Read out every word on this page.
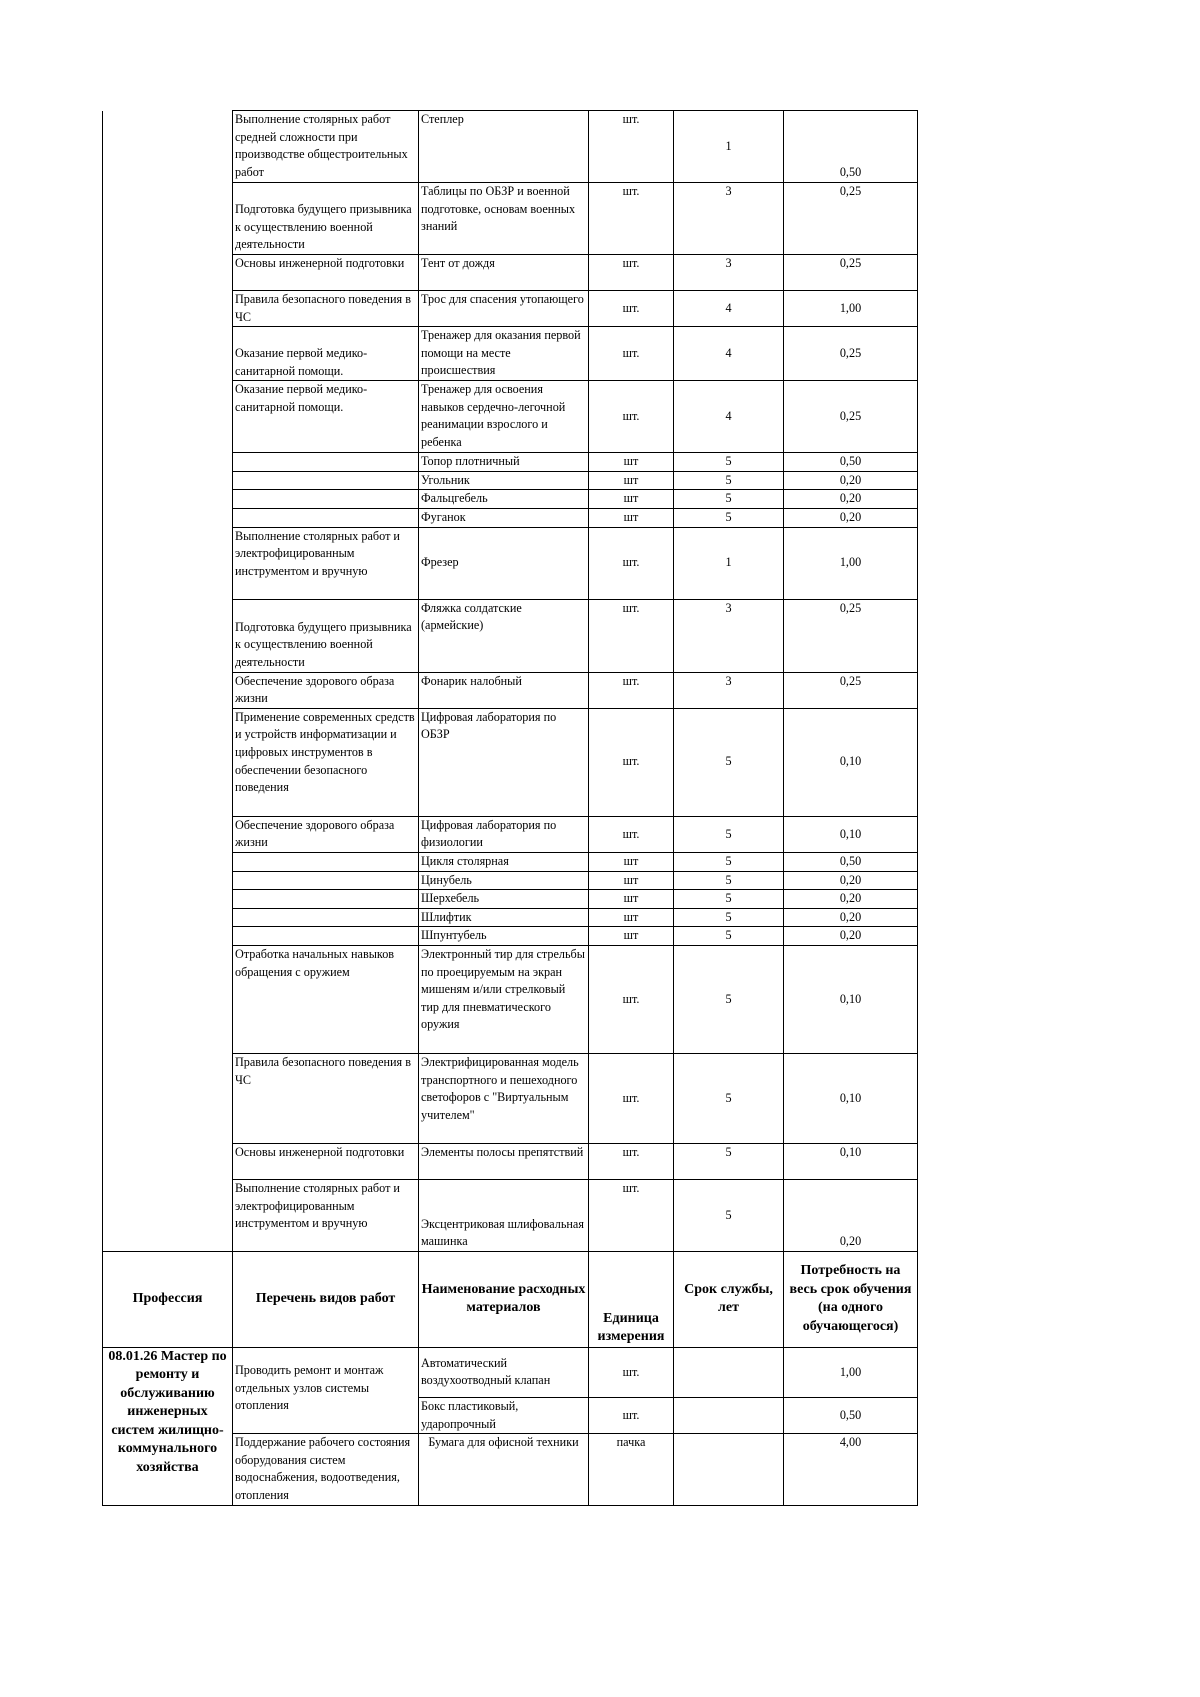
	Выполнение столярных работ средней сложности при производстве общестроительных работ	Степлер	шт.	1	0,50
	Подготовка будущего призывника к осуществлению военной деятельности	Таблицы по ОБЗР и военной подготовке, основам военных знаний	шт.	3	0,25
	Основы инженерной подготовки	Тент от дождя	шт.	3	0,25
	Правила безопасного поведения в ЧС	Трос для спасения утопающего	шт.	4	1,00
	Оказание первой медико-санитарной помощи.	Тренажер для оказания первой помощи на месте происшествия	шт.	4	0,25
	Оказание первой медико-санитарной помощи.	Тренажер для освоения навыков сердечно-легочной реанимации взрослого и ребенка	шт.	4	0,25
		Топор плотничный	шт	5	0,50
		Угольник	шт	5	0,20
		Фальцгебель	шт	5	0,20
		Фуганок	шт	5	0,20
	Выполнение столярных работ и электрофицированным инструментом и вручную	Фрезер	шт.	1	1,00
	Подготовка будущего призывника к осуществлению военной деятельности	Фляжка солдатские (армейские)	шт.	3	0,25
	Обеспечение здорового образа жизни	Фонарик налобный	шт.	3	0,25
	Применение современных средств и устройств информатизации и цифровых инструментов в обеспечении безопасного поведения	Цифровая лаборатория по ОБЗР	шт.	5	0,10
	Обеспечение здорового образа жизни	Цифровая лаборатория по физиологии	шт.	5	0,10
		Цикля столярная	шт	5	0,50
		Цинубель	шт	5	0,20
		Шерхебель	шт	5	0,20
		Шлифтик	шт	5	0,20
		Шпунтубель	шт	5	0,20
	Отработка начальных навыков обращения с оружием	Электронный тир для стрельбы по проецируемым на экран мишеням и/или стрелковый тир для пневматического оружия	шт.	5	0,10
	Правила безопасного поведения в ЧС	Электрифицированная модель транспортного и пешеходного светофоров с "Виртуальным учителем"	шт.	5	0,10
	Основы инженерной подготовки	Элементы полосы препятствий	шт.	5	0,10
	Выполнение столярных работ и электрофицированным инструментом и вручную	Эксцентриковая шлифовальная машинка	шт.	5	0,20
Профессия	Перечень видов работ	Наименование расходных материалов	Единица измерения	Срок службы, лет	Потребность на весь срок обучения (на одного обучающегося)
08.01.26 Мастер по ремонту и обслуживанию инженерных систем жилищно-коммунального хозяйства	Проводить ремонт и монтаж отдельных узлов системы отопления	Автоматический воздухоотводный клапан	шт.		1,00
		Бокс пластиковый, ударопрочный	шт.		0,50
	Поддержание рабочего состояния оборудования систем водоснабжения, водоотведения, отопления	Бумага для офисной техники	пачка		4,00
